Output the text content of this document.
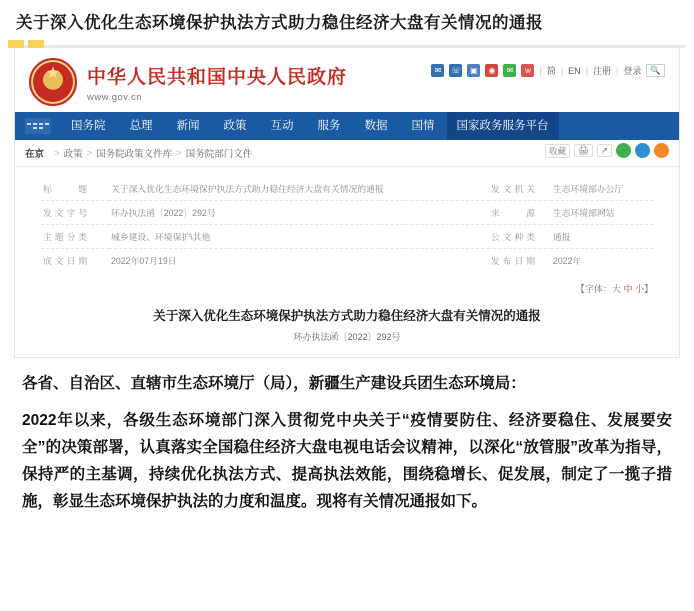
关于深入优化生态环境保护执法方式助力稳住经济大盘有关情况的通报
★
中华人民共和国中央人民政府
www.gov.cn
✉	☏	▣	◉	✉	w | 简 | EN | 注册 | 登录	🔍
国务院	总理	新闻	政策	互动	服务	数据	国情	国家政务服务平台
在京 > 政策 > 国务院政策文件库 > 国务院部门文件	收藏	🖨	↗
标　　题	关于深入优化生态环境保护执法方式助力稳住经济大盘有关情况的通报	发文机关	生态环境部办公厅
发文字号	环办执法函〔2022〕292号	来　　源	生态环境部网站
主题分类	城乡建设、环境保护\其他	公文种类	通报
成文日期	2022年07月19日	发布日期	2022年
【字体：大 中 小】
关于深入优化生态环境保护执法方式助力稳住经济大盘有关情况的通报
环办执法函〔2022〕292号
各省、自治区、直辖市生态环境厅（局），新疆生产建设兵团生态环境局：
2022年以来，各级生态环境部门深入贯彻党中央关于“疫情要防住、经济要稳住、发展要安全”的决策部署，认真落实全国稳住经济大盘电视电话会议精神，以深化“放管服”改革为指导，保持严的主基调，持续优化执法方式、提高执法效能，围绕稳增长、促发展，制定了一揽子措施，彰显生态环境保护执法的力度和温度。现将有关情况通报如下。
